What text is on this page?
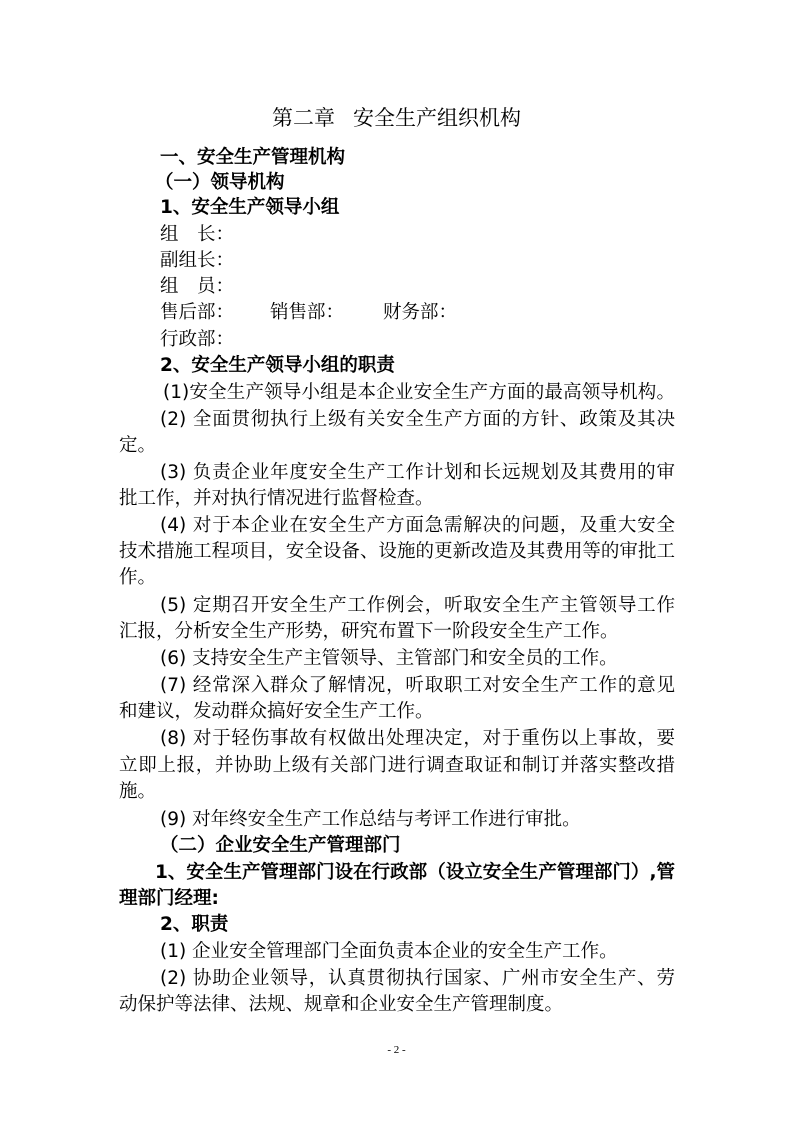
第二章 安全生产组织机构
一、安全生产管理机构
（一）领导机构
1、安全生产领导小组
组　长：
副组长：
组　员：
售后部： 销售部： 财务部：
行政部：
2、安全生产领导小组的职责
(1)安全生产领导小组是本企业安全生产方面的最高领导机构。
(2) 全面贯彻执行上级有关安全生产方面的方针、政策及其决
定。
(3) 负责企业年度安全生产工作计划和长远规划及其费用的审
批工作，并对执行情况进行监督检查。
(4) 对于本企业在安全生产方面急需解决的问题，及重大安全
技术措施工程项目，安全设备、设施的更新改造及其费用等的审批工
作。
(5) 定期召开安全生产工作例会，听取安全生产主管领导工作
汇报，分析安全生产形势，研究布置下一阶段安全生产工作。
(6) 支持安全生产主管领导、主管部门和安全员的工作。
(7) 经常深入群众了解情况，听取职工对安全生产工作的意见
和建议，发动群众搞好安全生产工作。
(8) 对于轻伤事故有权做出处理决定，对于重伤以上事故，要
立即上报，并协助上级有关部门进行调查取证和制订并落实整改措
施。
(9) 对年终安全生产工作总结与考评工作进行审批。
（二）企业安全生产管理部门
1、安全生产管理部门设在行政部（设立安全生产管理部门）,管
理部门经理:
2、职责
(1) 企业安全管理部门全面负责本企业的安全生产工作。
(2) 协助企业领导，认真贯彻执行国家、广州市安全生产、劳
动保护等法律、法规、规章和企业安全生产管理制度。
- 2 -
